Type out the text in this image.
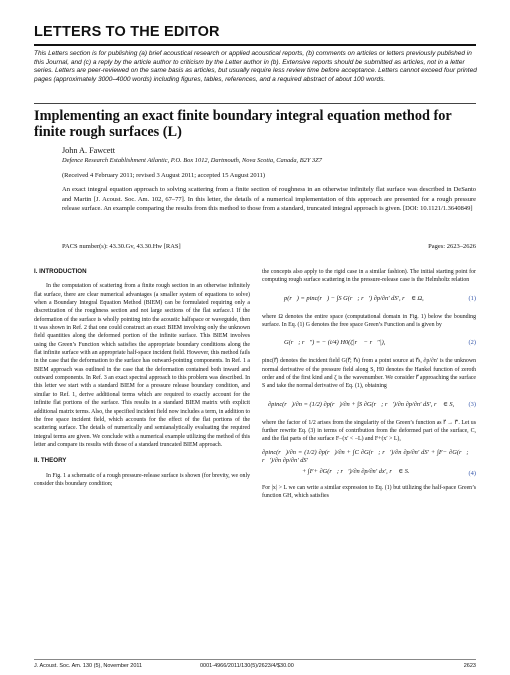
LETTERS TO THE EDITOR
This Letters section is for publishing (a) brief acoustical research or applied acoustical reports, (b) comments on articles or letters previously published in this Journal, and (c) a reply by the article author to criticism by the Letter author in (b). Extensive reports should be submitted as articles, not in a letter series. Letters are peer-reviewed on the same basis as articles, but usually require less review time before acceptance. Letters cannot exceed four printed pages (approximately 3000–4000 words) including figures, tables, references, and a required abstract of about 100 words.
Implementing an exact finite boundary integral equation method for finite rough surfaces (L)
John A. Fawcett
Defence Research Establishment Atlantic, P.O. Box 1012, Dartmouth, Nova Scotia, Canada, B2Y 3Z7
(Received 4 February 2011; revised 3 August 2011; accepted 15 August 2011)
An exact integral equation approach to solving scattering from a finite section of roughness in an otherwise infinitely flat surface was described in DeSanto and Martin [J. Acoust. Soc. Am. 102, 67–77]. In this letter, the details of a numerical implementation of this approach are presented for a rough pressure release surface. An example comparing the results from this method to those from a standard, truncated integral approach is given. [DOI: 10.1121/1.3640849]
PACS number(s): 43.30.Gv, 43.30.Hw [RAS]	Pages: 2623–2626
I. INTRODUCTION

In the computation of scattering from a finite rough section in an otherwise infinitely flat surface, there are clear numerical advantages (a smaller system of equations to solve) when a Boundary Integral Equation Method (BIEM) can be formulated requiring only a discretization of the roughness section and not large sections of the flat surface.1 If the deformation of the surface is wholly pointing into the acoustic halfspace or waveguide, then it was shown in Ref. 2 that one could construct an exact BIEM involving only the unknown field quantities along the deformed portion of the infinite surface. This BIEM involves using the Green’s Function which satisfies the appropriate boundary conditions along the flat infinite surface with an appropriate half-space incident field. However, this method fails in the case that the deformation to the surface has outward-pointing components. In Ref. 1 a BIEM approach was outlined in the case that the deformation contained both inward and outward components. In Ref. 3 an exact spectral approach to this problem was described. In this letter we start with a standard BIEM for a pressure release boundary condition, and similar to Ref. 1, derive additional terms which are required to exactly account for the infinite flat portions of the surface. This results in a standard BIEM matrix with explicit additional matrix terms. Also, the specified incident field now includes a term, in addition to the free space incident field, which accounts for the effect of the flat portions of the scattering surface. The details of numerically and semianalytically evaluating the required integral terms are given. We conclude with a numerical example utilizing the method of this letter and compare its results with those of a standard truncated BIEM approach.

II. THEORY

In Fig. 1 a schematic of a rough pressure-release surface is shown (for brevity, we only consider this boundary condition;

the concepts also apply to the rigid case in a similar fashion). The initial starting point for computing rough surface scattering in the pressure-release case is the Helmholtz relation

p(r⃗) = pinc(r⃗) − ∫S G(r⃗; r⃗′) ∂p/∂n′ dS′, r⃗ ∈ Ω,	(1)

where Ω denotes the entire space (computational domain in Fig. 1) below the bounding surface. In Eq. (1) G denotes the free space Green’s Function and is given by

G(r⃗; r⃗′′) = − (i/4) H0(ζ|r⃗ − r⃗′′|),	(2)

pinc(r⃗) denotes the incident field G(r⃗; r⃗s) from a point source at r⃗s, ∂p/∂n′ is the unknown normal derivative of the pressure field along S, H0 denotes the Hankel function of zeroth order and of the first kind and ζ is the wavenumber. We consider r⃗ approaching the surface S and take the normal derivative of Eq. (1), obtaining

∂pinc(r⃗)/∂n = (1/2) ∂p(r⃗)/∂n + ∫S ∂G(r⃗; r⃗′)/∂n ∂p/∂n′ dS′, r⃗ ∈ S, (3)

where the factor of 1/2 arises from the singularity of the Green’s function as r⃗ → r⃗′. Let us further rewrite Eq. (3) in terms of contribution from the deformed part of the surface, C, and the flat parts of the surface F−(x′ < −L) and F+(x′ > L),

∂pinc(r⃗)/∂n = (1/2) ∂p(r⃗)/∂n + ∫C ∂G(r⃗; r⃗′)/∂n ∂p/∂n′ dS′ + ∫F− ∂G(r⃗; r⃗′)/∂n ∂p/∂n′ dS′
+ ∫F+ ∂G(r⃗; r⃗′)/∂n ∂p/∂n′ dx′, r⃗ ∈ S.	(4)

For |x| > L we can write a similar expression to Eq. (1) but utilizing the half-space Green’s function GH, which satisfies

J. Acoust. Soc. Am. 130 (5), November 2011	0001-4966/2011/130(5)/2623/4/$30.00	2623
